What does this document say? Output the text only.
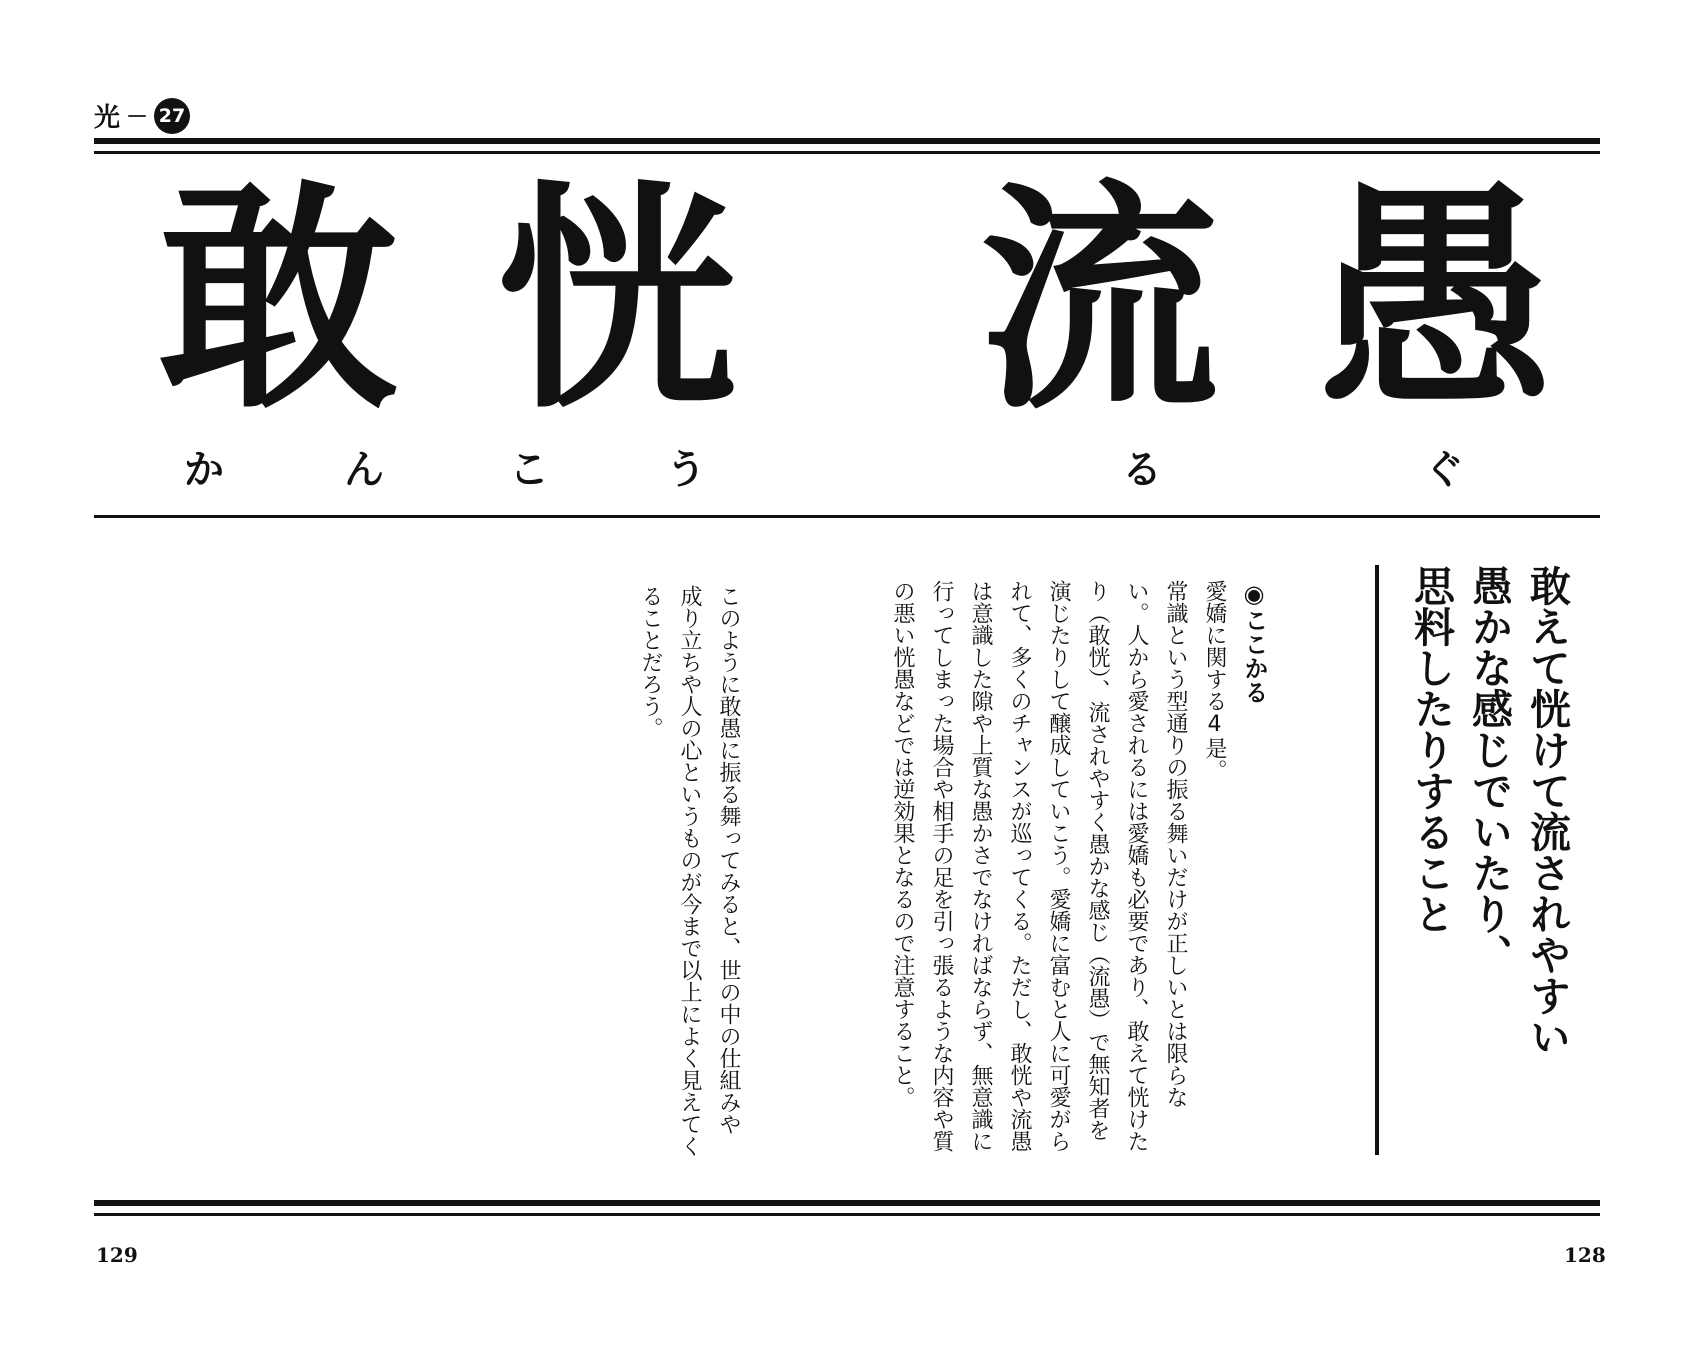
光 － 27
敢 恍 流 愚
か	ん	こ	う	る	ぐ
敢えて恍けて流されやすい
愚かな感じでいたり、
思料したりすること
◉ここかる
愛嬌に関する4是。
常識という型通りの振る舞いだけが正しいとは限らな
い。人から愛されるには愛嬌も必要であり、敢えて恍けた
り（敢恍）、流されやすく愚かな感じ（流愚）で無知者を
演じたりして醸成していこう。愛嬌に富むと人に可愛がら
れて、多くのチャンスが巡ってくる。ただし、敢恍や流愚
は意識した隙や上質な愚かさでなければならず、無意識に
行ってしまった場合や相手の足を引っ張るような内容や質
の悪い恍愚などでは逆効果となるので注意すること。
このように敢愚に振る舞ってみると、世の中の仕組みや
成り立ちや人の心というものが今まで以上によく見えてく
ることだろう。
129	128
